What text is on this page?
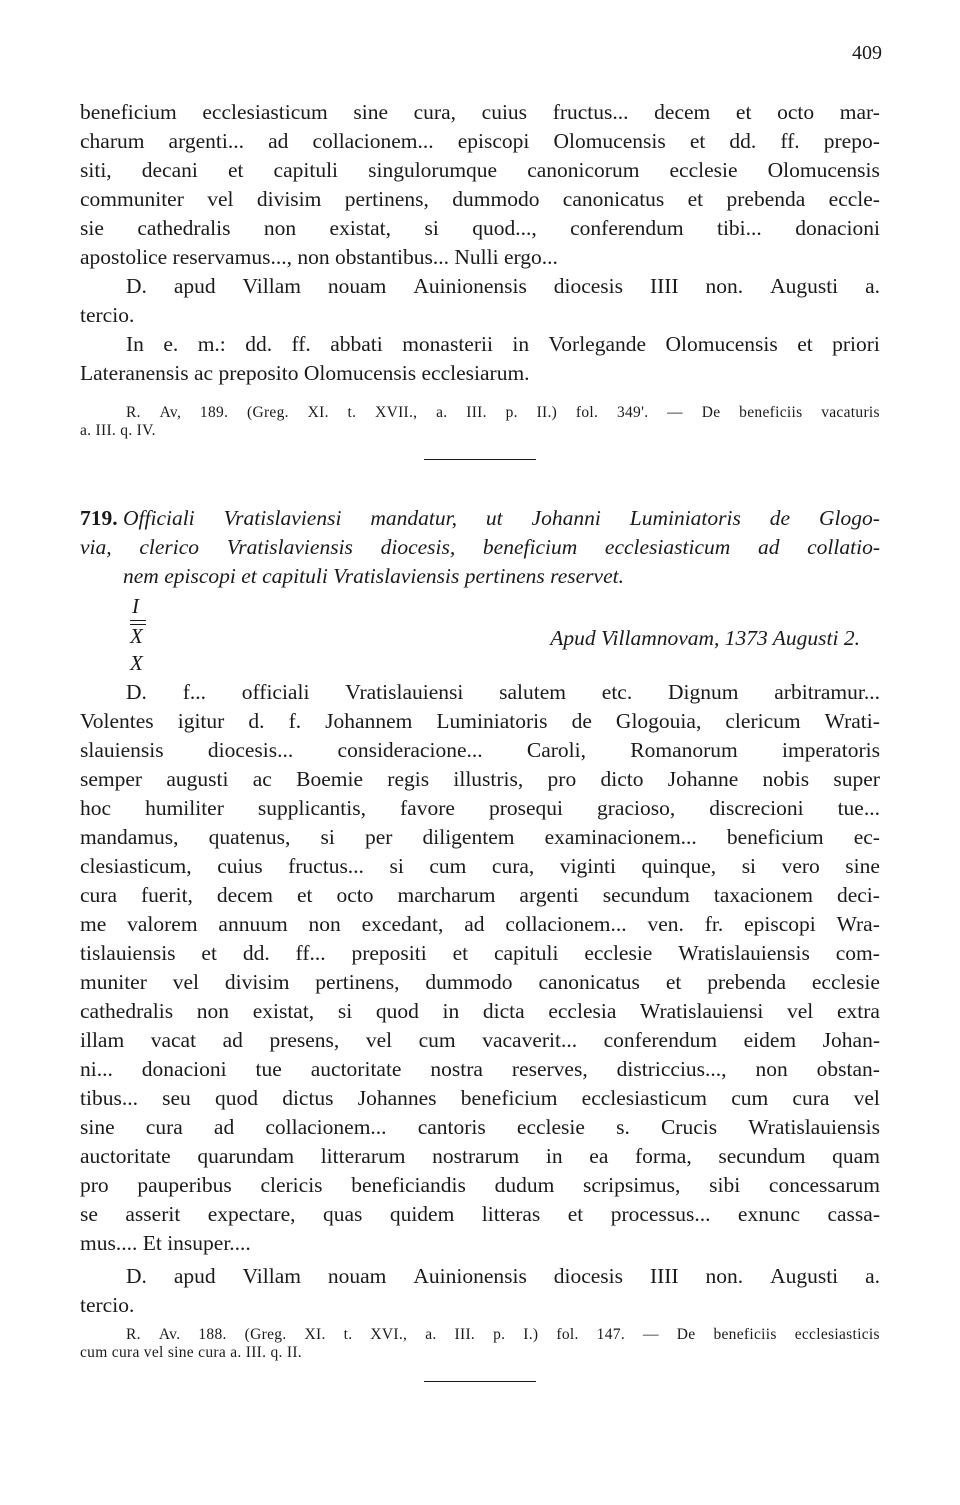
409
beneficium ecclesiasticum sine cura, cuius fructus... decem et octo mar-
charum argenti... ad collacionem... episcopi Olomucensis et dd. ff. prepo-
siti, decani et capituli singulorumque canonicorum ecclesie Olomucensis
communiter vel divisim pertinens, dummodo canonicatus et prebenda eccle-
sie cathedralis non existat, si quod..., conferendum tibi... donacioni
apostolice reservamus..., non obstantibus... Nulli ergo...
D. apud Villam nouam Auinionensis diocesis IIII non. Augusti a.
tercio.
In e. m.: dd. ff. abbati monasterii in Vorlegande Olomucensis et priori
Lateranensis ac preposito Olomucensis ecclesiarum.
R. Av, 189. (Greg. XI. t. XVII., a. III. p. II.) fol. 349'. — De beneficiis vacaturis
a. III. q. IV.
719. Officiali Vratislaviensi mandatur, ut Johanni Luminiatoris de Glogo-
via, clerico Vratislaviensis diocesis, beneficium ecclesiasticum ad collatio-
nem episcopi et capituli Vratislaviensis pertinens reservet.
I
X
X
Apud Villamnovam, 1373 Augusti 2.
D. f... officiali Vratislauiensi salutem etc. Dignum arbitramur...
Volentes igitur d. f. Johannem Luminiatoris de Glogouia, clericum Wrati-
slauiensis diocesis... consideracione... Caroli, Romanorum imperatoris
semper augusti ac Boemie regis illustris, pro dicto Johanne nobis super
hoc humiliter supplicantis, favore prosequi gracioso, discrecioni tue...
mandamus, quatenus, si per diligentem examinacionem... beneficium ec-
clesiasticum, cuius fructus... si cum cura, viginti quinque, si vero sine
cura fuerit, decem et octo marcharum argenti secundum taxacionem deci-
me valorem annuum non excedant, ad collacionem... ven. fr. episcopi Wra-
tislauiensis et dd. ff... prepositi et capituli ecclesie Wratislauiensis com-
muniter vel divisim pertinens, dummodo canonicatus et prebenda ecclesie
cathedralis non existat, si quod in dicta ecclesia Wratislauiensi vel extra
illam vacat ad presens, vel cum vacaverit... conferendum eidem Johan-
ni... donacioni tue auctoritate nostra reserves, districcius..., non obstan-
tibus... seu quod dictus Johannes beneficium ecclesiasticum cum cura vel
sine cura ad collacionem... cantoris ecclesie s. Crucis Wratislauiensis
auctoritate quarundam litterarum nostrarum in ea forma, secundum quam
pro pauperibus clericis beneficiandis dudum scripsimus, sibi concessarum
se asserit expectare, quas quidem litteras et processus... exnunc cassa-
mus.... Et insuper....
D. apud Villam nouam Auinionensis diocesis IIII non. Augusti a.
tercio.
R. Av. 188. (Greg. XI. t. XVI., a. III. p. I.) fol. 147. — De beneficiis ecclesiasticis
cum cura vel sine cura a. III. q. II.
